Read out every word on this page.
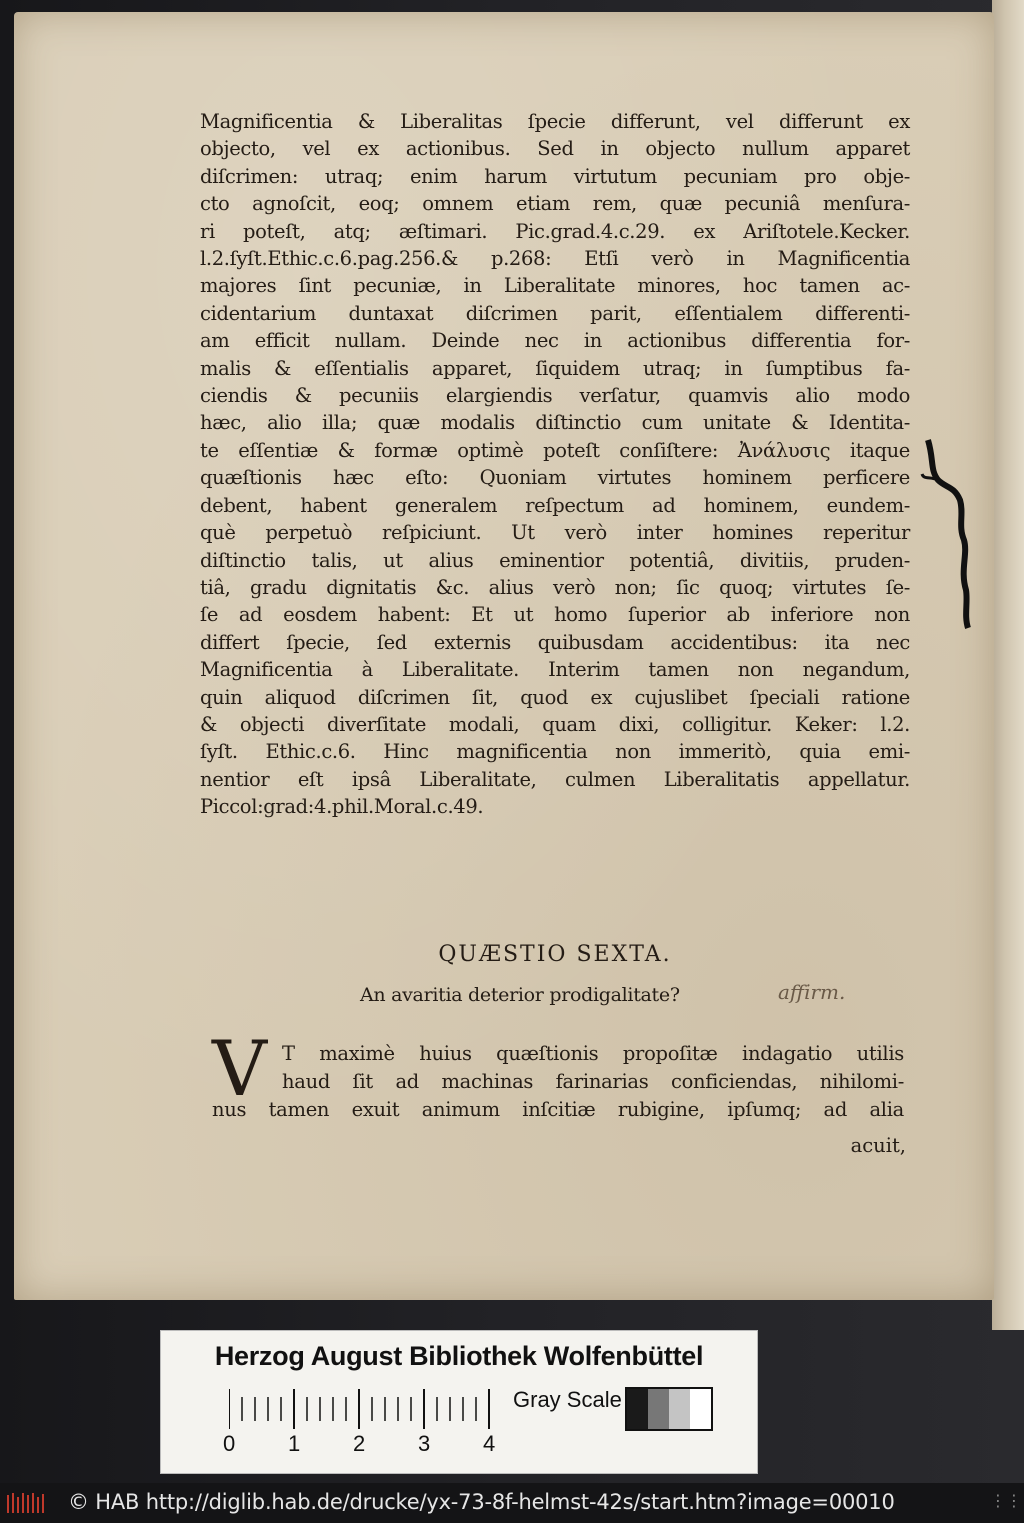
Magnificentia & Liberalitas ſpecie differunt, vel differunt ex
objecto, vel ex actionibus. Sed in objecto nullum apparet
diſcrimen: utraq; enim harum virtutum pecuniam pro obje-
cto agnoſcit, eoq; omnem etiam rem, quæ pecuniâ menſura-
ri poteſt, atq; æſtimari. Pic.grad.4.c.29. ex Ariſtotele.Kecker.
l.2.ſyſt.Ethic.c.6.pag.256.& p.268: Etſi verò in Magnificentia
majores ſint pecuniæ, in Liberalitate minores, hoc tamen ac-
cidentarium duntaxat diſcrimen parit, eſſentialem differenti-
am efficit nullam. Deinde nec in actionibus differentia for-
malis & eſſentialis apparet, ſiquidem utraq; in ſumptibus fa-
ciendis & pecuniis elargiendis verſatur, quamvis alio modo
hæc, alio illa; quæ modalis diſtinctio cum unitate & Identita-
te eſſentiæ & formæ optimè poteſt conſiſtere: Ἀνάλυσις itaque
quæſtionis hæc eſto: Quoniam virtutes hominem perficere
debent, habent generalem reſpectum ad hominem, eundem-
què perpetuò reſpiciunt. Ut verò inter homines reperitur
diſtinctio talis, ut alius eminentior potentiâ, divitiis, pruden-
tiâ, gradu dignitatis &c. alius verò non; ſic quoq; virtutes ſe-
ſe ad eosdem habent: Et ut homo ſuperior ab inferiore non
differt ſpecie, ſed externis quibusdam accidentibus: ita nec
Magnificentia à Liberalitate. Interim tamen non negandum,
quin aliquod diſcrimen ſit, quod ex cujuslibet ſpeciali ratione
& objecti diverſitate modali, quam dixi, colligitur. Keker: l.2.
ſyſt. Ethic.c.6. Hinc magnificentia non immeritò, quia emi-
nentior eſt ipsâ Liberalitate, culmen Liberalitatis appellatur.
Piccol:grad:4.phil.Moral.c.49.
QUÆSTIO SEXTA.
An avaritia deterior prodigalitate?	affirm.
V T maximè huius quæſtionis propoſitæ indagatio utilis
haud ſit ad machinas farinarias conficiendas, nihilomi-
nus tamen exuit animum inſcitiæ rubigine, ipſumq; ad alia
acuit,
Herzog August Bibliothek Wolfenbüttel
0 1 2 3 4
Gray Scale
© HAB http://diglib.hab.de/drucke/yx-73-8f-helmst-42s/start.htm?image=00010	⋮⋮
